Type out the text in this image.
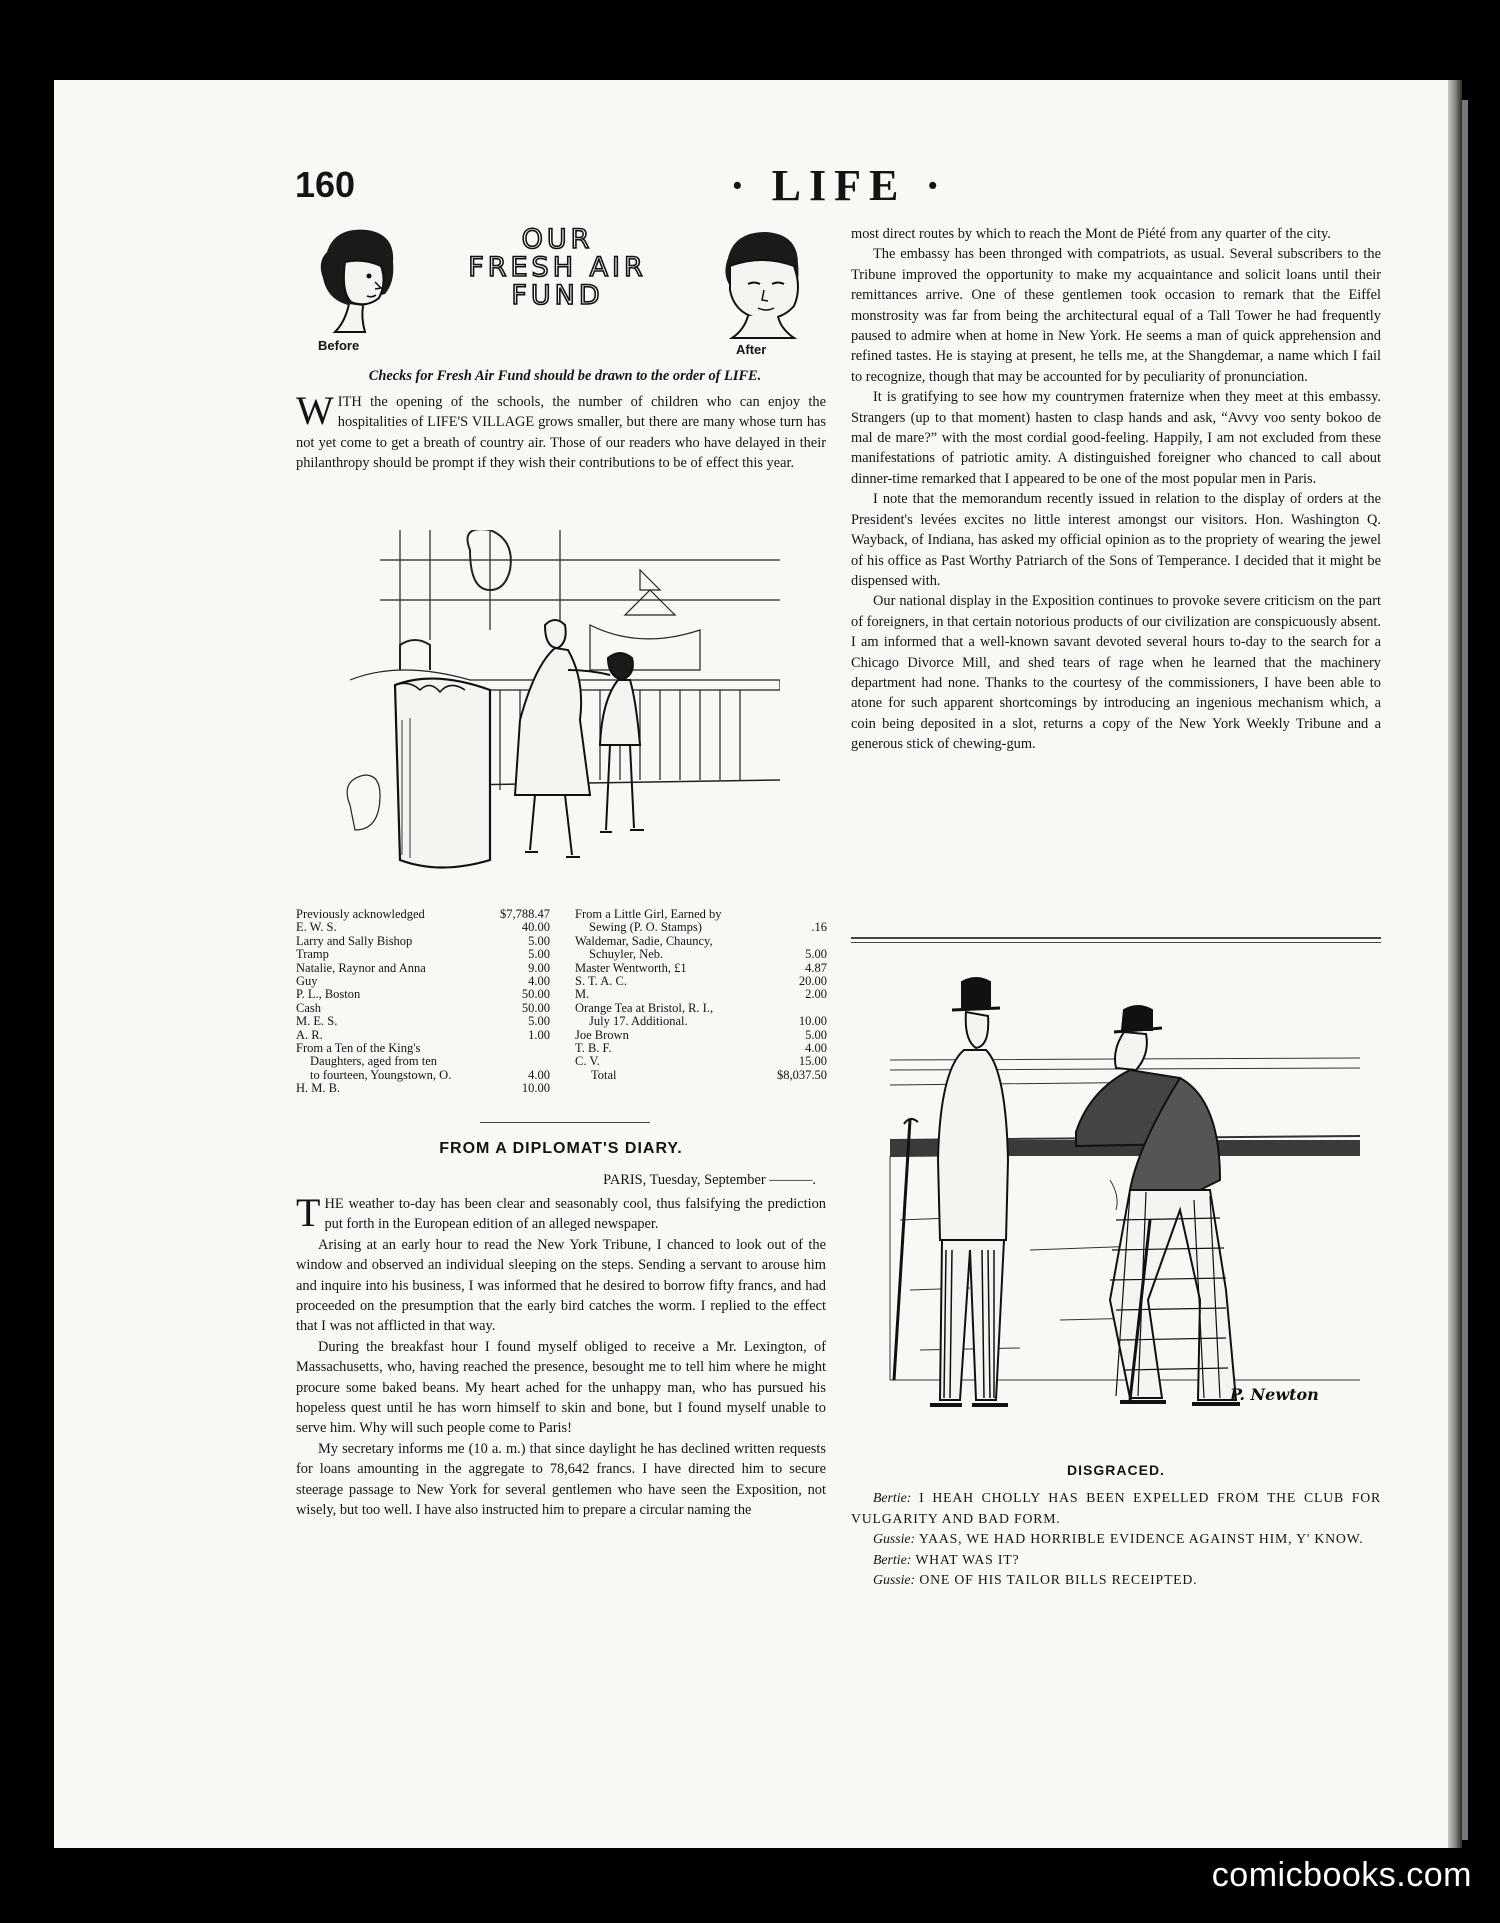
160	· LIFE ·
Before
OUR
FRESH AIR
FUND
After
Checks for Fresh Air Fund should be drawn to the order of LIFE.

WITH the opening of the schools, the number of children who can enjoy the hospitalities of LIFE'S VILLAGE grows smaller, but there are many whose turn has not yet come to get a breath of country air. Those of our readers who have delayed in their philanthropy should be prompt if they wish their contributions to be of effect this year.

Previously acknowledged	$7,788.47
E. W. S.	40.00
Larry and Sally Bishop	5.00
Tramp	5.00
Natalie, Raynor and Anna	9.00
Guy	4.00
P. L., Boston	50.00
Cash	50.00
M. E. S.	5.00
A. R.	1.00
From a Ten of the King's
Daughters, aged from ten
to fourteen, Youngstown, O.	4.00
H. M. B.	10.00
From a Little Girl, Earned by
Sewing (P. O. Stamps)	.16
Waldemar, Sadie, Chauncy,
Schuyler, Neb.	5.00
Master Wentworth, £1	4.87
S. T. A. C.	20.00
M.	2.00
Orange Tea at Bristol, R. I.,
July 17. Additional.	10.00
Joe Brown	5.00
T. B. F.	4.00
C. V.	15.00
Total	$8,037.50
FROM A DIPLOMAT'S DIARY.
PARIS, Tuesday, September ———.

THE weather to-day has been clear and seasonably cool, thus falsifying the prediction put forth in the European edition of an alleged newspaper.

Arising at an early hour to read the New York Tribune, I chanced to look out of the window and observed an individual sleeping on the steps. Sending a servant to arouse him and inquire into his business, I was informed that he desired to borrow fifty francs, and had proceeded on the presumption that the early bird catches the worm. I replied to the effect that I was not afflicted in that way.

During the breakfast hour I found myself obliged to receive a Mr. Lexington, of Massachusetts, who, having reached the presence, besought me to tell him where he might procure some baked beans. My heart ached for the unhappy man, who has pursued his hopeless quest until he has worn himself to skin and bone, but I found myself unable to serve him. Why will such people come to Paris!

My secretary informs me (10 a. m.) that since daylight he has declined written requests for loans amounting in the aggregate to 78,642 francs. I have directed him to secure steerage passage to New York for several gentlemen who have seen the Exposition, not wisely, but too well. I have also instructed him to prepare a circular naming the

most direct routes by which to reach the Mont de Piété from any quarter of the city.

The embassy has been thronged with compatriots, as usual. Several subscribers to the Tribune improved the opportunity to make my acquaintance and solicit loans until their remittances arrive. One of these gentlemen took occasion to remark that the Eiffel monstrosity was far from being the architectural equal of a Tall Tower he had frequently paused to admire when at home in New York. He seems a man of quick apprehension and refined tastes. He is staying at present, he tells me, at the Shangdemar, a name which I fail to recognize, though that may be accounted for by peculiarity of pronunciation.

It is gratifying to see how my countrymen fraternize when they meet at this embassy. Strangers (up to that moment) hasten to clasp hands and ask, “Avvy voo senty bokoo de mal de mare?” with the most cordial good-feeling. Happily, I am not excluded from these manifestations of patriotic amity. A distinguished foreigner who chanced to call about dinner-time remarked that I appeared to be one of the most popular men in Paris.

I note that the memorandum recently issued in relation to the display of orders at the President's levées excites no little interest amongst our visitors. Hon. Washington Q. Wayback, of Indiana, has asked my official opinion as to the propriety of wearing the jewel of his office as Past Worthy Patriarch of the Sons of Temperance. I decided that it might be dispensed with.

Our national display in the Exposition continues to provoke severe criticism on the part of foreigners, in that certain notorious products of our civilization are conspicuously absent. I am informed that a well-known savant devoted several hours to-day to the search for a Chicago Divorce Mill, and shed tears of rage when he learned that the machinery department had none. Thanks to the courtesy of the commissioners, I have been able to atone for such apparent shortcomings by introducing an ingenious mechanism which, a coin being deposited in a slot, returns a copy of the New York Weekly Tribune and a generous stick of chewing-gum.

P. Newton
DISGRACED.

Bertie: I HEAH CHOLLY HAS BEEN EXPELLED FROM THE CLUB FOR VULGARITY AND BAD FORM.

Gussie: YAAS, WE HAD HORRIBLE EVIDENCE AGAINST HIM, Y' KNOW.

Bertie: WHAT WAS IT?

Gussie: ONE OF HIS TAILOR BILLS RECEIPTED.

comicbooks.com
